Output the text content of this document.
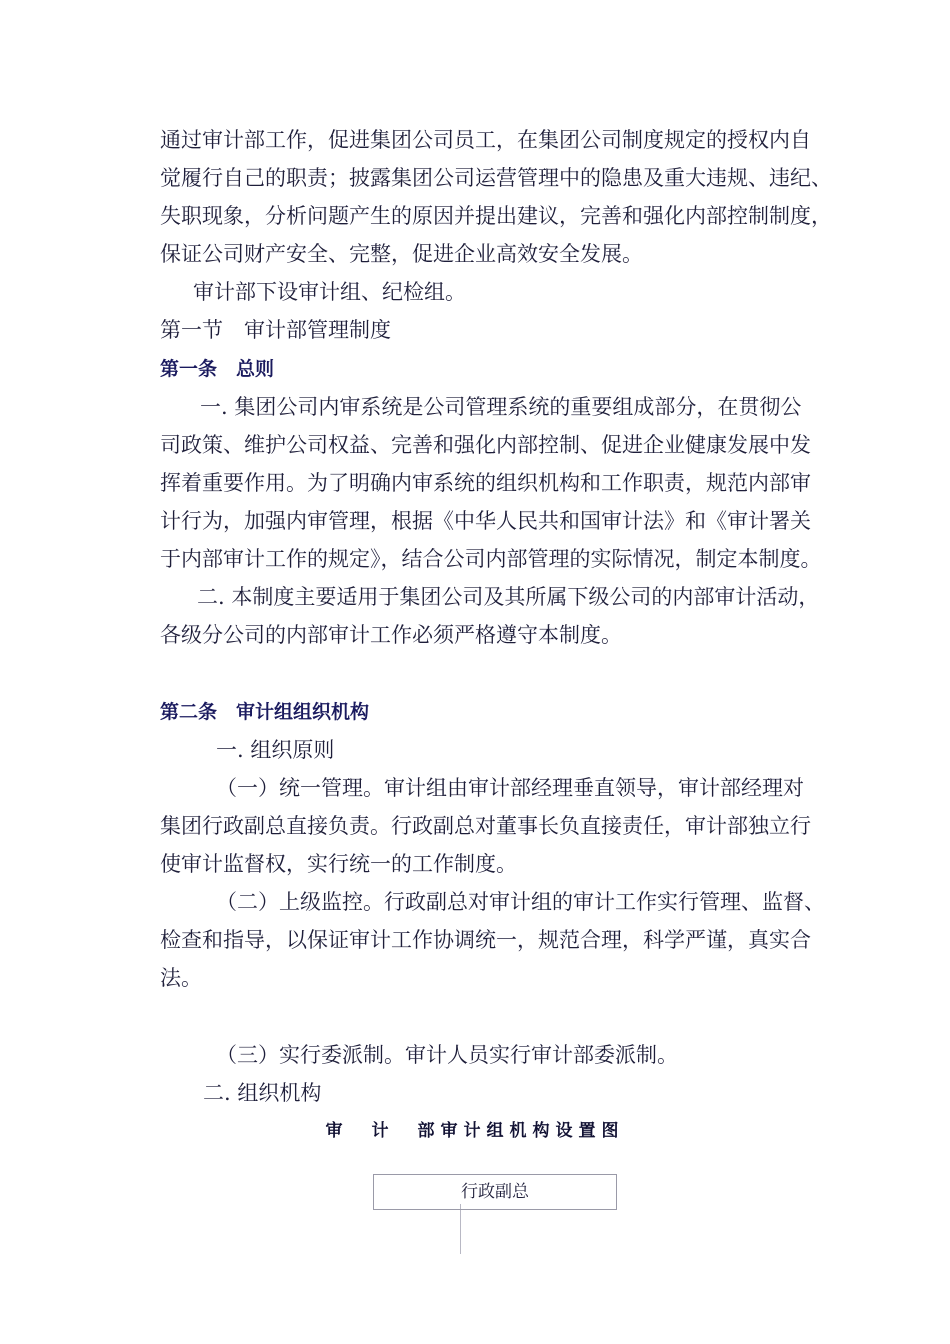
通过审计部工作，促进集团公司员工，在集团公司制度规定的授权内自
觉履行自己的职责；披露集团公司运营管理中的隐患及重大违规、违纪、
失职现象，分析问题产生的原因并提出建议，完善和强化内部控制制度，
保证公司财产安全、完整，促进企业高效安全发展。
审计部下设审计组、纪检组。
第一节　审计部管理制度
第一条　总则
一. 集团公司内审系统是公司管理系统的重要组成部分，在贯彻公
司政策、维护公司权益、完善和强化内部控制、促进企业健康发展中发
挥着重要作用。为了明确内审系统的组织机构和工作职责，规范内部审
计行为，加强内审管理，根据《中华人民共和国审计法》和《审计署关
于内部审计工作的规定》，结合公司内部管理的实际情况，制定本制度。
二. 本制度主要适用于集团公司及其所属下级公司的内部审计活动，
各级分公司的内部审计工作必须严格遵守本制度。
第二条　审计组组织机构
一. 组织原则
（一）统一管理。审计组由审计部经理垂直领导，审计部经理对
集团行政副总直接负责。行政副总对董事长负直接责任，审计部独立行
使审计监督权，实行统一的工作制度。
（二）上级监控。行政副总对审计组的审计工作实行管理、监督、
检查和指导，以保证审计工作协调统一，规范合理，科学严谨，真实合
法。
（三）实行委派制。审计人员实行审计部委派制。
二. 组织机构
审　计　部审计组机构设置图
行政副总
